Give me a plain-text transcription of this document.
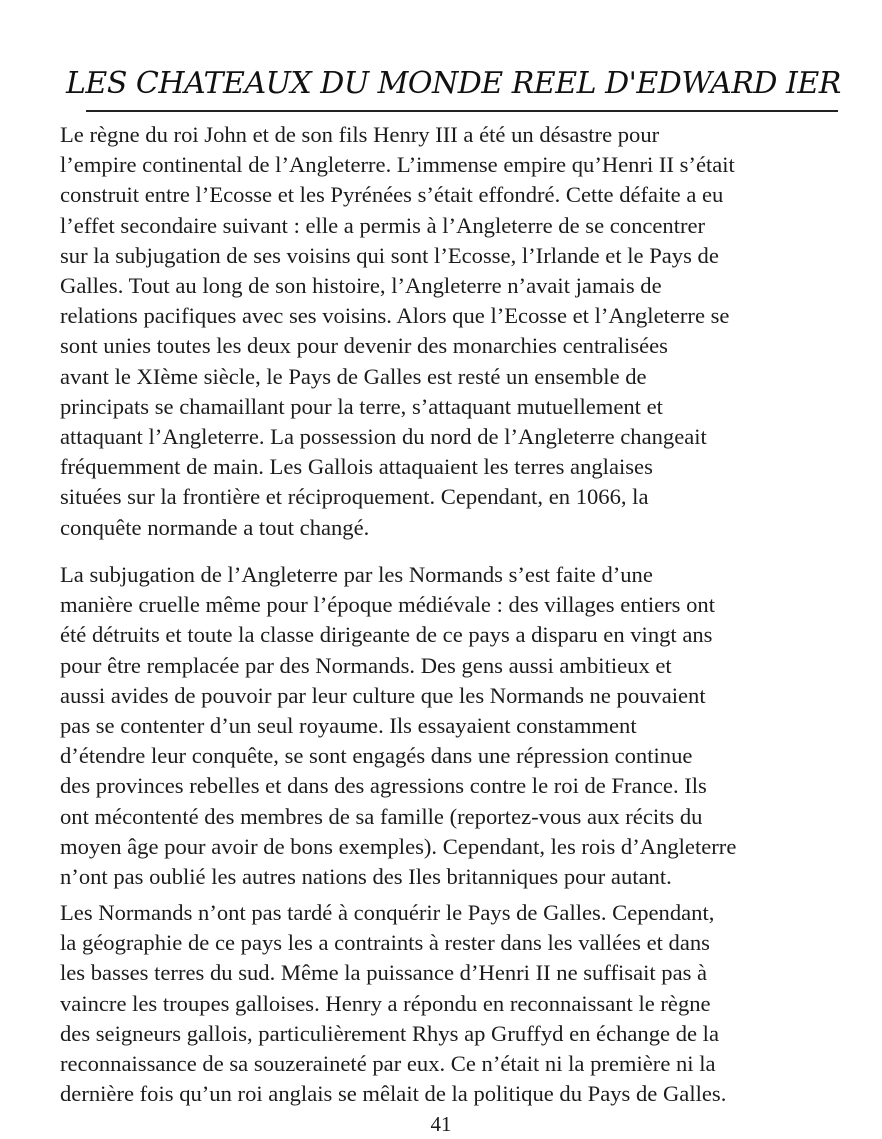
LES CHATEAUX DU MONDE REEL D'EDWARD IER

Le règne du roi John et de son fils Henry III a été un désastre pour
l’empire continental de l’Angleterre. L’immense empire qu’Henri II s’était
construit entre l’Ecosse et les Pyrénées s’était effondré. Cette défaite a eu
l’effet secondaire suivant : elle a permis à l’Angleterre de se concentrer
sur la subjugation de ses voisins qui sont l’Ecosse, l’Irlande et le Pays de
Galles. Tout au long de son histoire, l’Angleterre n’avait jamais de
relations pacifiques avec ses voisins. Alors que l’Ecosse et l’Angleterre se
sont unies toutes les deux pour devenir des monarchies centralisées
avant le XIème siècle, le Pays de Galles est resté un ensemble de
principats se chamaillant pour la terre, s’attaquant mutuellement et
attaquant l’Angleterre. La possession du nord de l’Angleterre changeait
fréquemment de main. Les Gallois attaquaient les terres anglaises
situées sur la frontière et réciproquement. Cependant, en 1066, la
conquête normande a tout changé.

La subjugation de l’Angleterre par les Normands s’est faite d’une
manière cruelle même pour l’époque médiévale : des villages entiers ont
été détruits et toute la classe dirigeante de ce pays a disparu en vingt ans
pour être remplacée par des Normands. Des gens aussi ambitieux et
aussi avides de pouvoir par leur culture que les Normands ne pouvaient
pas se contenter d’un seul royaume. Ils essayaient constamment
d’étendre leur conquête, se sont engagés dans une répression continue
des provinces rebelles et dans des agressions contre le roi de France. Ils
ont mécontenté des membres de sa famille (reportez-vous aux récits du
moyen âge pour avoir de bons exemples). Cependant, les rois d’Angleterre
n’ont pas oublié les autres nations des Iles britanniques pour autant.

Les Normands n’ont pas tardé à conquérir le Pays de Galles. Cependant,
la géographie de ce pays les a contraints à rester dans les vallées et dans
les basses terres du sud. Même la puissance d’Henri II ne suffisait pas à
vaincre les troupes galloises. Henry a répondu en reconnaissant le règne
des seigneurs gallois, particulièrement Rhys ap Gruffyd en échange de la
reconnaissance de sa souzeraineté par eux. Ce n’était ni la première ni la
dernière fois qu’un roi anglais se mêlait de la politique du Pays de Galles.

41
